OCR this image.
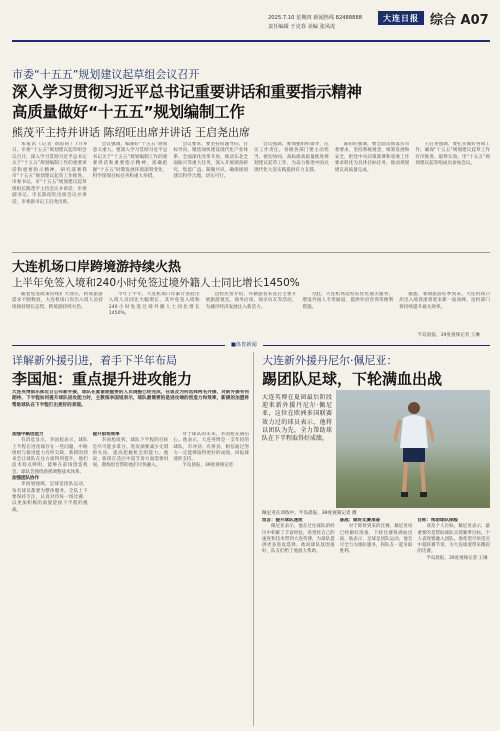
2025.7.10 星期四 新闻热线 82488888
责任编辑 于克春 美编 张凤虎
大连日报 综合 A07
市委“十五五”规划建议起草组会议召开
深入学习贯彻习近平总书记重要讲话和重要指示精神
高质量做好“十五五”规划编制工作
熊茂平主持并讲话 陈绍旺出席并讲话 王启尧出席

本报讯（记者 刘雨荷）7月9日，市委“十五五”规划建议起草组会议召开，深入学习贯彻习近平总书记关于“十五五”规划编制工作的重要讲话和重要指示精神，研究部署我市“十五五”规划建议起草工作推进。市委书记、市“十五五”规划建议起草组组长熊茂平主持会议并讲话，市委副书记、市长陈绍旺出席会议并讲话，市委副书记王启尧出席。

会议强调，编制好“十五五”规划意义重大。要深入学习贯彻习近平总书记关于“十五五”规划编制工作的重要讲话和重要指示精神，准确把握“十五五”时期发展环境深刻变化，科学谋划目标任务和重大举措。

会议要求，要坚持问题导向、目标导向，聚焦加快建设现代化产业体系、全面深化改革开放、推动东北全面振兴等重大任务，深入开展调查研究，集思广益、凝聚共识，确保规划建议科学合理、切实可行。

会议强调，要加强组织领导，压实工作责任，各级各部门要主动担当、密切协同，高标准高质量推进规划建议起草工作，为奋力推进中国式现代化大连实践提供有力支撑。

陈绍旺强调，要全面贯彻落实市委要求，坚持系统观念，统筹发展和安全，把党中央决策部署和省委工作要求转化为具体目标任务，推动规划建议高质量完成。

王启尧强调，要扎实做好各项工作，确保“十五五”规划建议起草工作有序推进、取得实效。市“十五五”规划建议起草组成员参加会议。

大连机场口岸跨境游持续火热
上半年免签入境和240小时免签过境外籍人士同比增长1450%

随着免签政策持续扩大效应，跨境旅游需求不断释放，大连机场口岸出入境人员持续保持增长态势，跨境游持续火热。

今年上半年，大连机场口岸累计查验出入境人员同比大幅增长，其中免签入境和240小时免签过境外籍人士同比增长1450%。

边检民警介绍，外籍旅客来连后主要开展旅游观光、商务洽谈、探亲访友等活动，为城市经济发展注入新活力。

为此，大连机场边检站优化通关服务，增设外国人专用通道，提供外语咨询等便利措施。

据悉，暑期旅游旺季到来，大连机场口岸出入境客流将迎来新一波高峰，边检部门将持续提升通关效率。

半岛晨报、39度视频记者 王琳
■体育新闻
详解新外援引进，着手下半年布局
李国旭：重点提升进攻能力
大连英博俱乐部近日公布新外援，球队在夏窗期重要的人员调整已经完成，在谈及为何选择两名外援、对新外援有何期待、下半程如何提升球队进攻能力时，主教练李国旭表示，球队最需要的是进攻端的创造力和效率，新援的加盟将帮助球队在下半程打出更好的表现。

加强中路创造力

有消息显示，李国旭表示，球队上半程在进攻端存在一些问题，中路组织与推进能力有所欠缺，新援的到来会让球队在这方面得到提升。他们技术特点鲜明，能够在前场创造机会。球队会围绕新援调整战术体系。

加强团队协作

李国旭强调，足球是团队运动，每名球员都要为整体服务。全队上下要保持专注，认真对待每一场比赛，以更加积极的面貌迎接下半程的挑战。

提升前场效率

李国旭谈到，球队下半程的目标是尽可能多拿分。进攻端要减少无谓的失误，提高把握机会的能力。他说，新援在适应中超节奏方面需要时间，教练组会帮助他们尽快融入。

对于球队的未来，李国旭充满信心。他表示，大连英博是一支年轻的球队，有冲劲、有拼劲，相信通过努力一定能够取得更好的成绩，回报球迷的支持。

半岛晨报、39度视频记者

大连新外援丹尼尔·佩尼亚：
踢团队足球，下轮满血出战
大连英博在夏窗最后阶段迎来新外援丹尼尔·佩尼亚，这位在欧洲多国联赛效力过的球员表示，他将以团队为先，全力帮助球队在下半程取得好成绩。
佩尼亚在训练中。半岛晨报、39度视频记者 摄

坦言：提升球队速度

佩尼亚表示，他在过往球队的经历中积累了丰富经验，希望将自己的速度和技术带到大连英博，为球队提供更多进攻选择。他说球队氛围很好，队友们给了他很大帮助。

备战：做好比赛准备

对于即将到来的比赛，佩尼亚说已经做好准备，下轮比赛将满血出战。他表示，足球是团队运动，他会尽全力为球队服务，和队友一起争取胜利。

目标：帮助球队保级

谈及个人目标，佩尼亚表示，最重要的是帮助球队实现赛季目标，个人表现要融入团队。他希望尽快适应中超联赛节奏，为大连球迷带来精彩的比赛。

半岛晨报、39度视频记者 王琳
